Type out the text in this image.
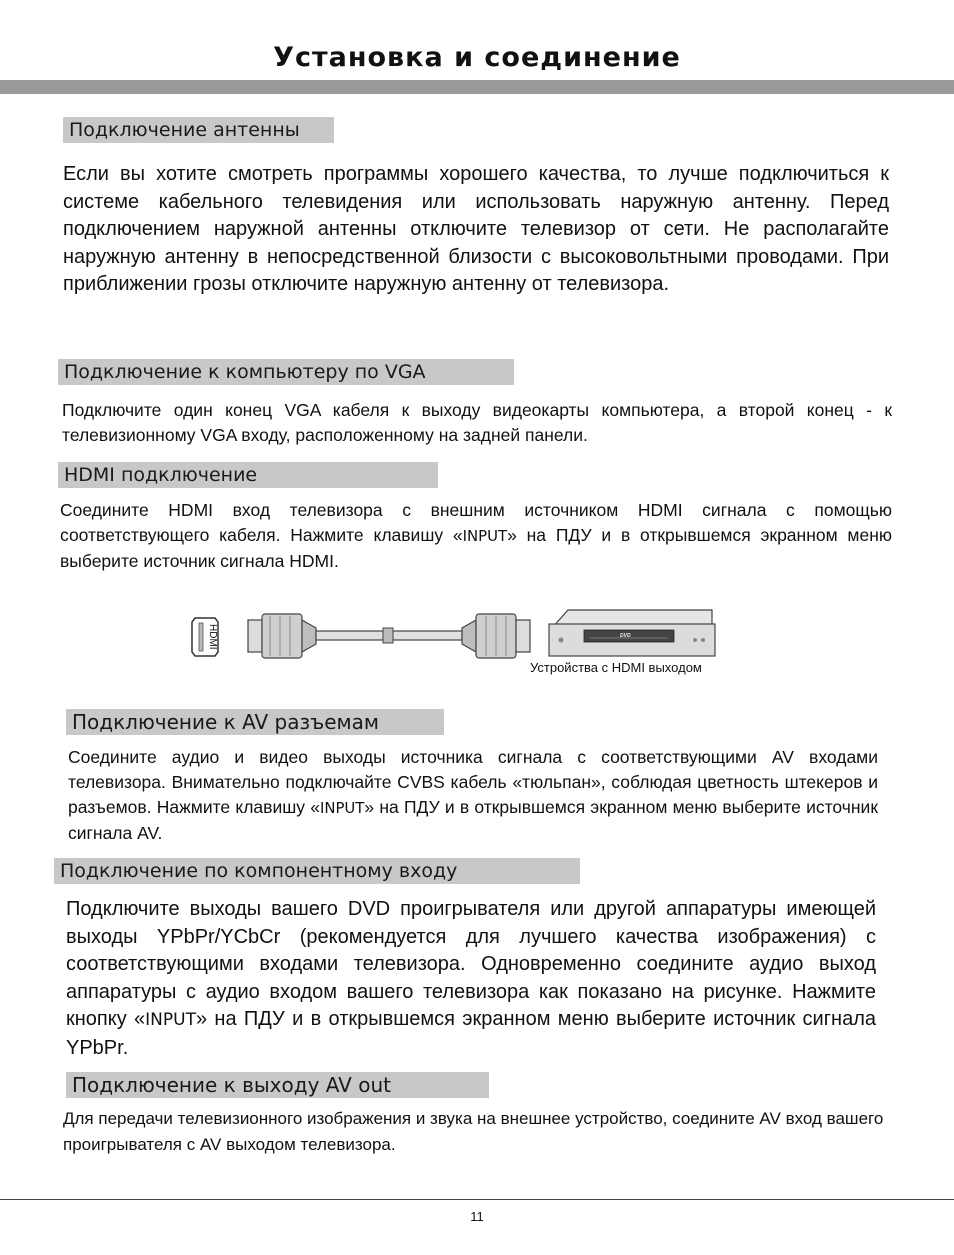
Установка и соединение
Подключение антенны
Если вы хотите смотреть программы хорошего качества, то лучше подключиться к системе кабельного телевидения или использовать наружную антенну. Перед подключением наружной антенны отключите телевизор от сети. Не располагайте наружную антенну в непосредственной близости с высоковольтными проводами. При приближении грозы отключите наружную антенну от телевизора.
Подключение к компьютеру по VGA
Подключите один конец VGA кабеля к выходу видеокарты компьютера, а второй конец - к телевизионному VGA входу, расположенному на задней панели.
HDMI подключение
Соедините HDMI вход телевизора с внешним источником HDMI сигнала с помощью соответствующего кабеля. Нажмите клавишу «INPUT» на ПДУ и в открывшемся экранном меню выберите источник сигнала HDMI.
HDMI	DVD
Устройства с HDMI выходом
Подключение к AV разъемам
Соедините аудио и видео выходы источника сигнала с соответствующими AV входами телевизора. Внимательно подключайте CVBS кабель «тюльпан», соблюдая цветность штекеров и разъемов. Нажмите клавишу «INPUT» на ПДУ и в открывшемся экранном меню выберите источник сигнала AV.
Подключение по компонентному входу
Подключите выходы вашего DVD проигрывателя или другой аппаратуры имеющей выходы YPbPr/YCbCr (рекомендуется для лучшего качества изображения) с соответствующими входами телевизора. Одновременно соедините аудио выход аппаратуры с аудио входом вашего телевизора как показано на рисунке. Нажмите кнопку «INPUT» на ПДУ и в открывшемся экранном меню выберите источник сигнала YPbPr.
Подключение к выходу AV out
Для передачи телевизионного изображения и звука на внешнее устройство, соедините AV вход вашего проигрывателя с AV выходом телевизора.
11
